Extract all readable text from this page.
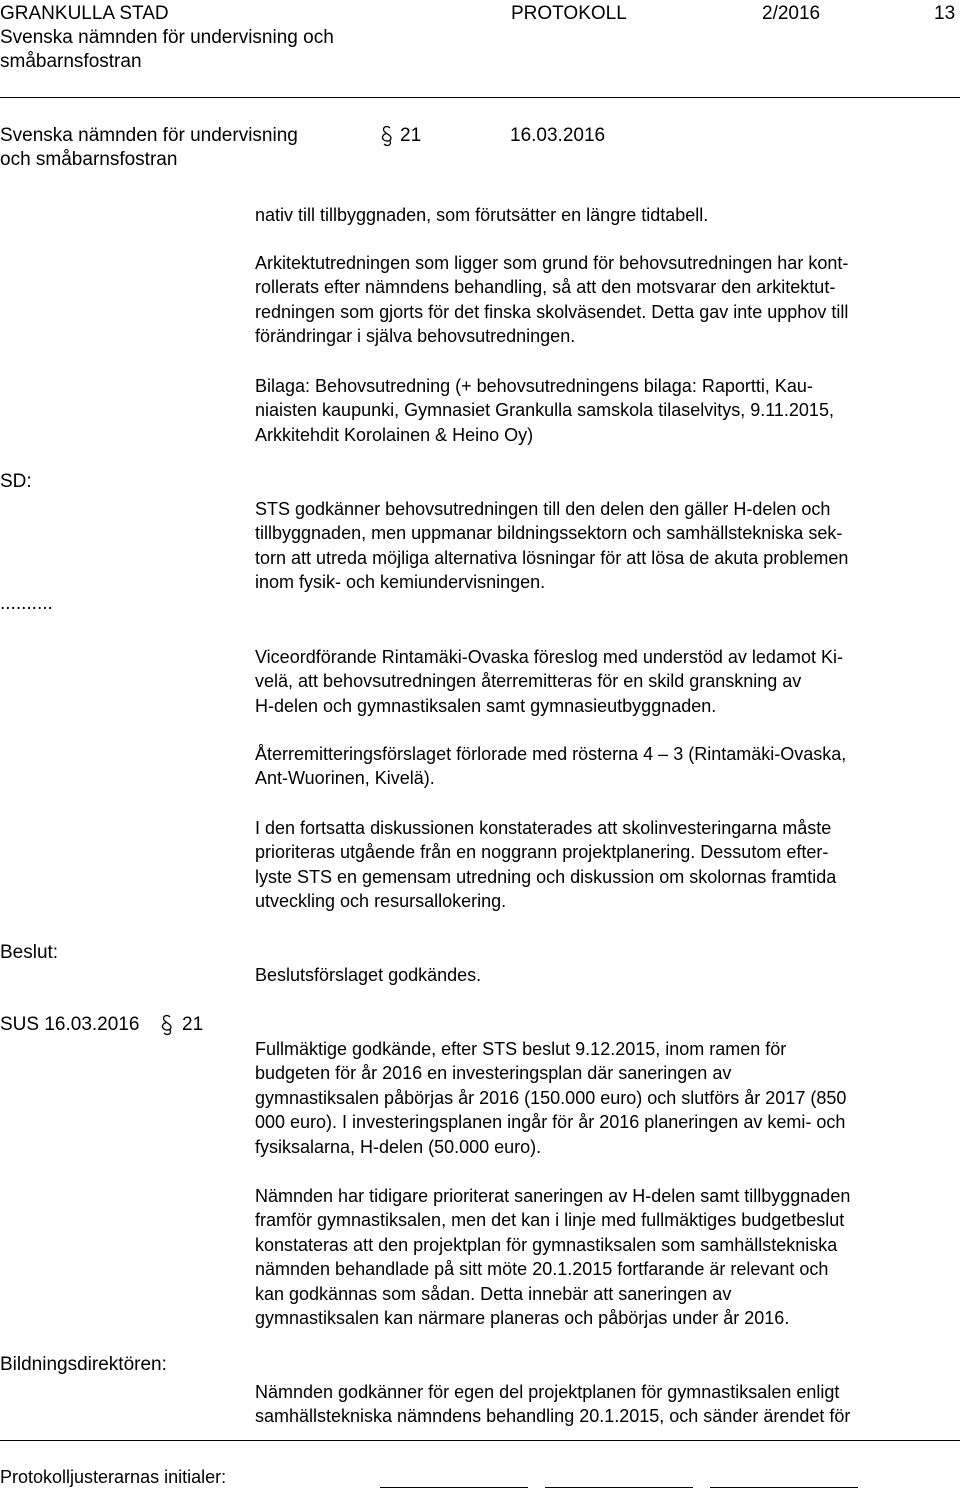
GRANKULLA STAD
Svenska nämnden för undervisning och
småbarnsfostran
PROTOKOLL	2/2016	13
Svenska nämnden för undervisning
och småbarnsfostran
21	16.03.2016
SD:
..........
Beslut:
SUS 16.03.2016 21
Bildningsdirektören:

nativ till tillbyggnaden, som förutsätter en längre tidtabell.

Arkitektutredningen som ligger som grund för behovsutredningen har kont-

rollerats efter nämndens behandling, så att den motsvarar den arkitektut-

redningen som gjorts för det finska skolväsendet. Detta gav inte upphov till

förändringar i själva behovsutredningen.

Bilaga: Behovsutredning (+ behovsutredningens bilaga: Raportti, Kau-

niaisten kaupunki, Gymnasiet Grankulla samskola tilaselvitys, 9.11.2015,

Arkkitehdit Korolainen & Heino Oy)

STS godkänner behovsutredningen till den delen den gäller H-delen och

tillbyggnaden, men uppmanar bildningssektorn och samhällstekniska sek-

torn att utreda möjliga alternativa lösningar för att lösa de akuta problemen

inom fysik- och kemiundervisningen.

Viceordförande Rintamäki-Ovaska föreslog med understöd av ledamot Ki-

velä, att behovsutredningen återremitteras för en skild granskning av

H-delen och gymnastiksalen samt gymnasieutbyggnaden.

Återremitteringsförslaget förlorade med rösterna 4 – 3 (Rintamäki-Ovaska,

Ant-Wuorinen, Kivelä).

I den fortsatta diskussionen konstaterades att skolinvesteringarna måste

prioriteras utgående från en noggrann projektplanering. Dessutom efter-

lyste STS en gemensam utredning och diskussion om skolornas framtida

utveckling och resursallokering.

Beslutsförslaget godkändes.

Fullmäktige godkände, efter STS beslut 9.12.2015, inom ramen för

budgeten för år 2016 en investeringsplan där saneringen av

gymnastiksalen påbörjas år 2016 (150.000 euro) och slutförs år 2017 (850

000 euro). I investeringsplanen ingår för år 2016 planeringen av kemi- och

fysiksalarna, H-delen (50.000 euro).

Nämnden har tidigare prioriterat saneringen av H-delen samt tillbyggnaden

framför gymnastiksalen, men det kan i linje med fullmäktiges budgetbeslut

konstateras att den projektplan för gymnastiksalen som samhällstekniska

nämnden behandlade på sitt möte 20.1.2015 fortfarande är relevant och

kan godkännas som sådan. Detta innebär att saneringen av

gymnastiksalen kan närmare planeras och påbörjas under år 2016.

Nämnden godkänner för egen del projektplanen för gymnastiksalen enligt

samhällstekniska nämndens behandling 20.1.2015, och sänder ärendet för

Protokolljusterarnas initialer:
